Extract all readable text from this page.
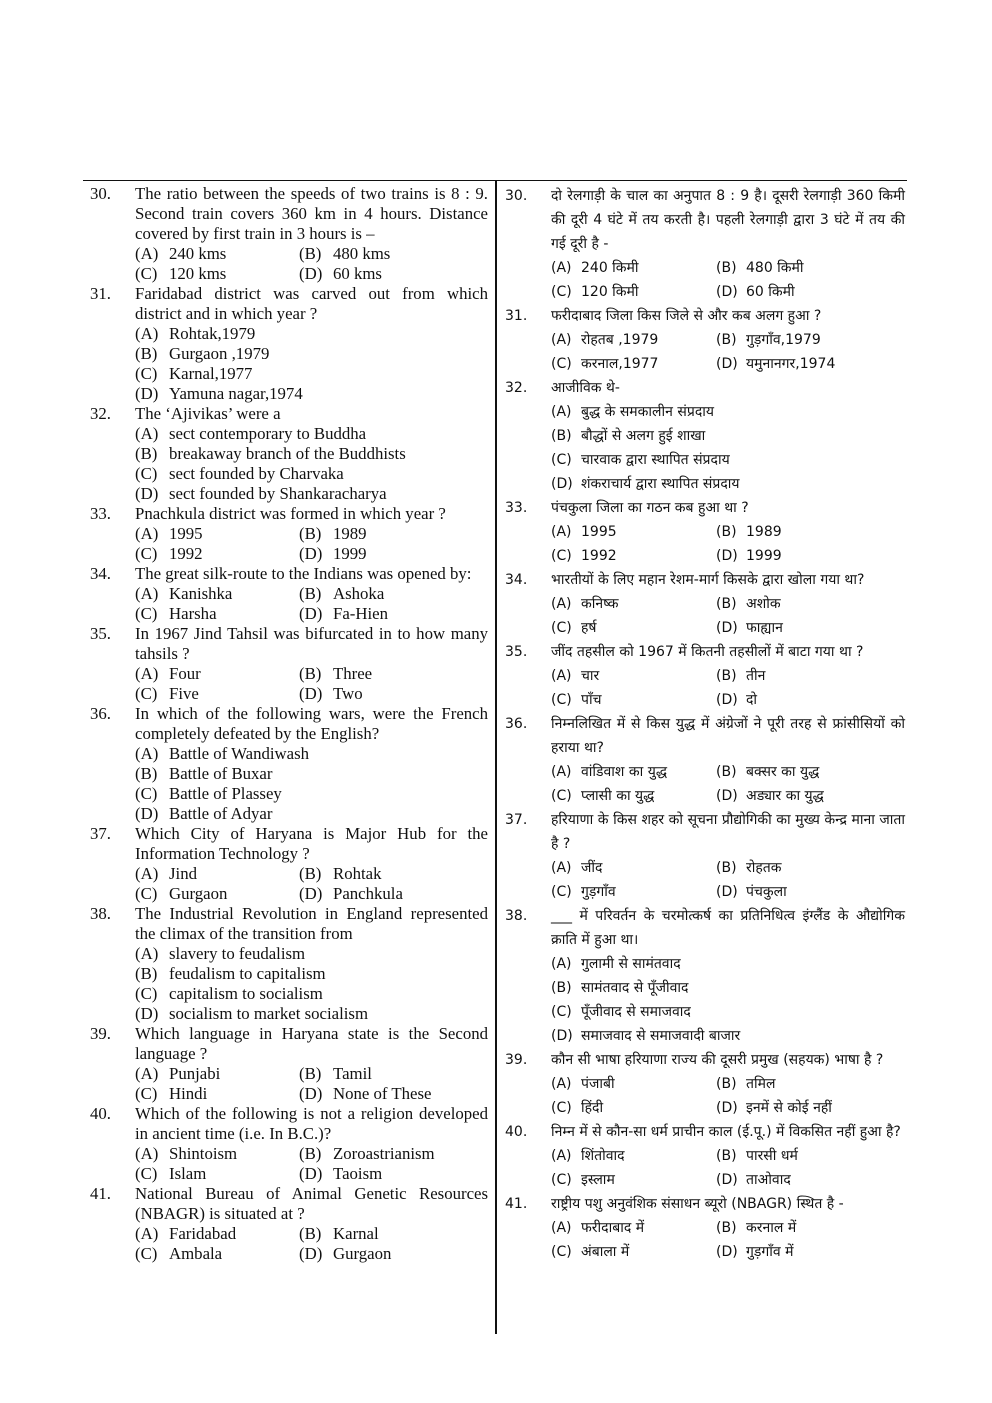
30. The ratio between the speeds of two trains is 8 : 9. Second train covers 360 km in 4 hours. Distance covered by first train in 3 hours is –
(A) 240 kms	(B) 480 kms
(C) 120 kms	(D) 60 kms
31. Faridabad district was carved out from which district and in which year ?
(A) Rohtak,1979
(B) Gurgaon ,1979
(C) Karnal,1977
(D) Yamuna nagar,1974
32. The ‘Ajivikas’ were a
(A) sect contemporary to Buddha
(B) breakaway branch of the Buddhists
(C) sect founded by Charvaka
(D) sect founded by Shankaracharya
33. Pnachkula district was formed in which year ?
(A) 1995	(B) 1989
(C) 1992	(D) 1999
34. The great silk-route to the Indians was opened by:
(A) Kanishka	(B) Ashoka
(C) Harsha	(D) Fa-Hien
35. In 1967 Jind Tahsil was bifurcated in to how many tahsils ?
(A) Four	(B) Three
(C) Five	(D) Two
36. In which of the following wars, were the French completely defeated by the English?
(A) Battle of Wandiwash
(B) Battle of Buxar
(C) Battle of Plassey
(D) Battle of Adyar
37. Which City of Haryana is Major Hub for the Information Technology ?
(A) Jind	(B) Rohtak
(C) Gurgaon	(D) Panchkula
38. The Industrial Revolution in England represented the climax of the transition from
(A) slavery to feudalism
(B) feudalism to capitalism
(C) capitalism to socialism
(D) socialism to market socialism
39. Which language in Haryana state is the Second language ?
(A) Punjabi	(B) Tamil
(C) Hindi	(D) None of These
40. Which of the following is not a religion developed in ancient time (i.e. In B.C.)?
(A) Shintoism	(B) Zoroastrianism
(C) Islam	(D) Taoism
41. National Bureau of Animal Genetic Resources (NBAGR) is situated at ?
(A) Faridabad	(B) Karnal
(C) Ambala	(D) Gurgaon
30. दो रेलगाड़ी के चाल का अनुपात 8 : 9 है। दूसरी रेलगाड़ी 360 किमी की दूरी 4 घंटे में तय करती है। पहली रेलगाड़ी द्वारा 3 घंटे में तय की गई दूरी है -
(A) 240 किमी	(B) 480 किमी
(C) 120 किमी	(D) 60 किमी
31. फरीदाबाद जिला किस जिले से और कब अलग हुआ ?
(A) रोहतब ,1979	(B) गुड़गाँव,1979
(C) करनाल,1977	(D) यमुनानगर,1974
32. आजीविक थे-
(A) बुद्ध के समकालीन संप्रदाय
(B) बौद्धों से अलग हुई शाखा
(C) चारवाक द्वारा स्थापित संप्रदाय
(D) शंकराचार्य द्वारा स्थापित संप्रदाय
33. पंचकुला जिला का गठन कब हुआ था ?
(A) 1995	(B) 1989
(C) 1992	(D) 1999
34. भारतीयों के लिए महान रेशम-मार्ग किसके द्वारा खोला गया था?
(A) कनिष्क	(B) अशोक
(C) हर्ष	(D) फाह्यान
35. जींद तहसील को 1967 में कितनी तहसीलों में बाटा गया था ?
(A) चार	(B) तीन
(C) पाँच	(D) दो
36. निम्नलिखित में से किस युद्ध में अंग्रेजों ने पूरी तरह से फ्रांसीसियों को हराया था?
(A) वांडिवाश का युद्ध	(B) बक्सर का युद्ध
(C) प्लासी का युद्ध	(D) अड्यार का युद्ध
37. हरियाणा के किस शहर को सूचना प्रौद्योगिकी का मुख्य केन्द्र माना जाता है ?
(A) जींद	(B) रोहतक
(C) गुड़गाँव	(D) पंचकुला
38. ___ में परिवर्तन के चरमोत्कर्ष का प्रतिनिधित्व इंग्लैंड के औद्योगिक क्राति में हुआ था।
(A) गुलामी से सामंतवाद
(B) सामंतवाद से पूँजीवाद
(C) पूँजीवाद से समाजवाद
(D) समाजवाद से समाजवादी बाजार
39. कौन सी भाषा हरियाणा राज्य की दूसरी प्रमुख (सहयक) भाषा है ?
(A) पंजाबी	(B) तमिल
(C) हिंदी	(D) इनमें से कोई नहीं
40. निम्न में से कौन-सा धर्म प्राचीन काल (ई.पू.) में विकसित नहीं हुआ है?
(A) शिंतोवाद	(B) पारसी धर्म
(C) इस्लाम	(D) ताओवाद
41. राष्ट्रीय पशु अनुवंशिक संसाधन ब्यूरो (NBAGR) स्थित है -
(A) फरीदाबाद में	(B) करनाल में
(C) अंबाला में	(D) गुड़गाँव में
